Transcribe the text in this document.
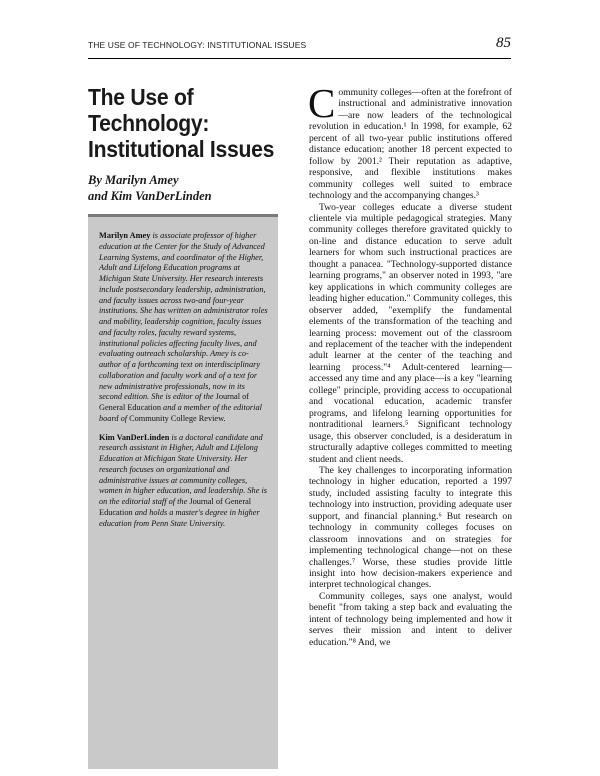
THE USE OF TECHNOLOGY: INSTITUTIONAL ISSUES	85
The Use of
Technology:
Institutional Issues
By Marilyn Amey
and Kim VanDerLinden

Marilyn Amey is associate professor of higher education at the Center for the Study of Advanced Learning Systems, and coordinator of the Higher, Adult and Lifelong Education programs at Michigan State University. Her research interests include postsecondary leadership, administration, and faculty issues across two-and four-year institutions. She has written on administrator roles and mobility, leadership cognition, faculty issues and faculty roles, faculty reward systems, institutional policies affecting faculty lives, and evaluating outreach scholarship. Amey is co-author of a forthcoming text on interdisciplinary collaboration and faculty work and of a text for new administrative professionals, now in its second edition. She is editor of the Journal of General Education and a member of the editorial board of Community College Review.

Kim VanDerLinden is a doctoral candidate and research assistant in Higher, Adult and Lifelong Education at Michigan State University. Her research focuses on organizational and administrative issues at community colleges, women in higher education, and leadership. She is on the editorial staff of the Journal of General Education and holds a master's degree in higher education from Penn State University.

Community colleges—often at the forefront of instructional and administrative innovation—are now leaders of the technological revolution in education.¹ In 1998, for example, 62 percent of all two-year public institutions offered distance education; another 18 percent expected to follow by 2001.² Their reputation as adaptive, responsive, and flexible institutions makes community colleges well suited to embrace technology and the accompanying changes.³

Two-year colleges educate a diverse student clientele via multiple pedagogical strategies. Many community colleges therefore gravitated quickly to on-line and distance education to serve adult learners for whom such instructional practices are thought a panacea. "Technology-supported distance learning programs," an observer noted in 1993, "are key applications in which community colleges are leading higher education." Community colleges, this observer added, "exemplify the fundamental elements of the transformation of the teaching and learning process: movement out of the classroom and replacement of the teacher with the independent adult learner at the center of the teaching and learning process."⁴ Adult-centered learning—accessed any time and any place—is a key "learning college" principle, providing access to occupational and vocational education, academic transfer programs, and lifelong learning opportunities for nontraditional learners.⁵ Significant technology usage, this observer concluded, is a desideratum in structurally adaptive colleges committed to meeting student and client needs.

The key challenges to incorporating information technology in higher education, reported a 1997 study, included assisting faculty to integrate this technology into instruction, providing adequate user support, and financial planning.⁶ But research on technology in community colleges focuses on classroom innovations and on strategies for implementing technological change—not on these challenges.⁷ Worse, these studies provide little insight into how decision-makers experience and interpret technological changes.

Community colleges, says one analyst, would benefit "from taking a step back and evaluating the intent of technology being implemented and how it serves their mission and intent to deliver education."⁸ And, we
